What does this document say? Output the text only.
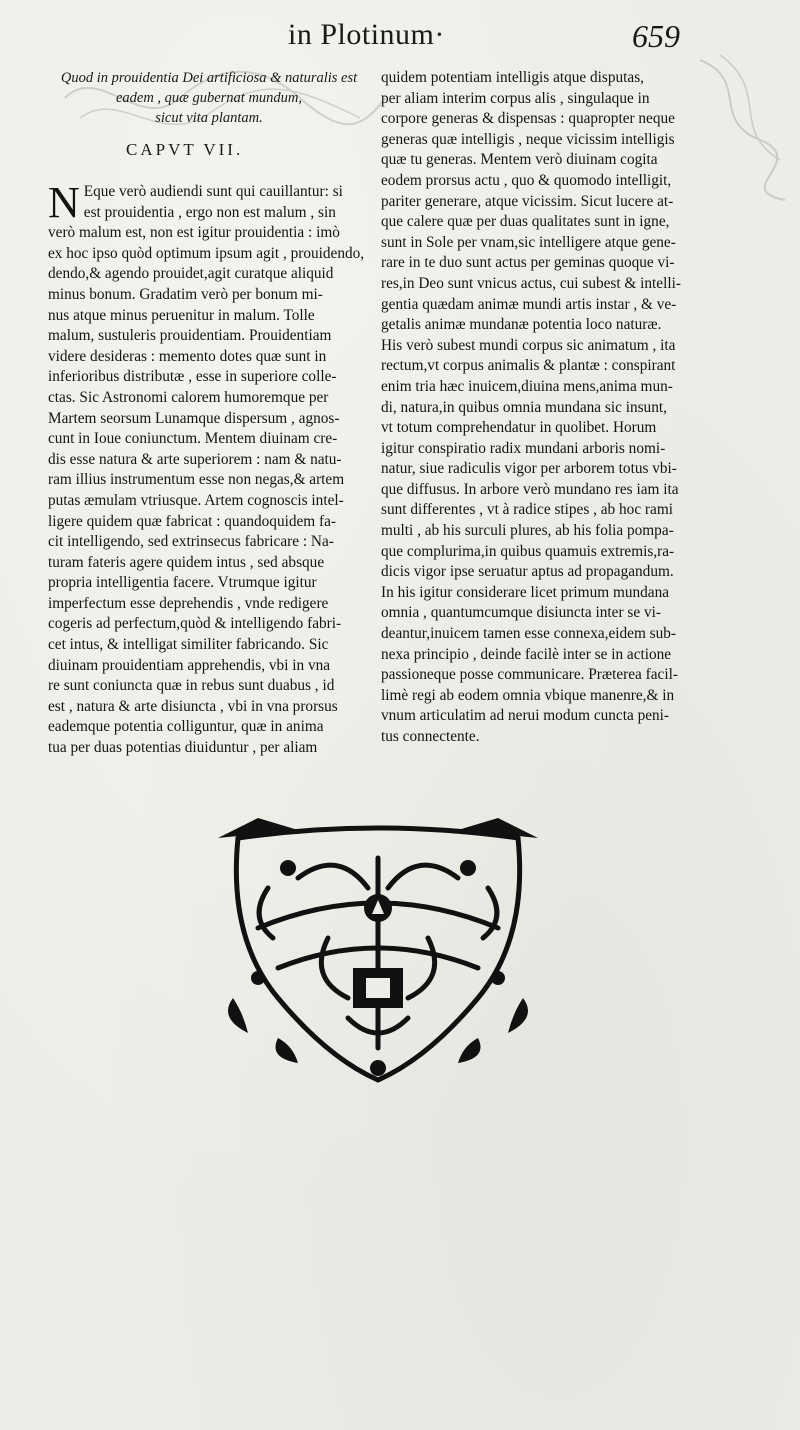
in Plotinum·	659
Quod in prouidentia Dei artificiosa & naturalis est
eadem , quæ gubernat mundum,
sicut vita plantam.
CAPVT VII.
N Eque verò audiendi sunt qui cauillantur: si
est prouidentia , ergo non est malum , sin
verò malum est, non est igitur prouidentia : imò
ex hoc ipso quòd optimum ipsum agit , prouidendo,
dendo,& agendo prouidet,agit curatque aliquid
minus bonum. Gradatim verò per bonum mi-
nus atque minus peruenitur in malum. Tolle
malum, sustuleris prouidentiam. Prouidentiam
videre desideras : memento dotes quæ sunt in
inferioribus distributæ , esse in superiore colle-
ctas. Sic Astronomi calorem humoremque per
Martem seorsum Lunamque dispersum , agnos-
cunt in Ioue coniunctum. Mentem diuinam cre-
dis esse natura & arte superiorem : nam & natu-
ram illius instrumentum esse non negas,& artem
putas æmulam vtriusque. Artem cognoscis intel-
ligere quidem quæ fabricat : quandoquidem fa-
cit intelligendo, sed extrinsecus fabricare : Na-
turam fateris agere quidem intus , sed absque
propria intelligentia facere. Vtrumque igitur
imperfectum esse deprehendis , vnde redigere
cogeris ad perfectum,quòd & intelligendo fabri-
cet intus, & intelligat similiter fabricando. Sic
diuinam prouidentiam apprehendis, vbi in vna
re sunt coniuncta quæ in rebus sunt duabus , id
est , natura & arte disiuncta , vbi in vna prorsus
eademque potentia colliguntur, quæ in anima
tua per duas potentias diuiduntur , per aliam
quidem potentiam intelligis atque disputas,
per aliam interim corpus alis , singulaque in
corpore generas & dispensas : quapropter neque
generas quæ intelligis , neque vicissim intelligis
quæ tu generas. Mentem verò diuinam cogita
eodem prorsus actu , quo & quomodo intelligit,
pariter generare, atque vicissim. Sicut lucere at-
que calere quæ per duas qualitates sunt in igne,
sunt in Sole per vnam,sic intelligere atque gene-
rare in te duo sunt actus per geminas quoque vi-
res,in Deo sunt vnicus actus, cui subest & intelli-
gentia quædam animæ mundi artis instar , & ve-
getalis animæ mundanæ potentia loco naturæ.
His verò subest mundi corpus sic animatum , ita
rectum,vt corpus animalis & plantæ : conspirant
enim tria hæc inuicem,diuina mens,anima mun-
di, natura,in quibus omnia mundana sic insunt,
vt totum comprehendatur in quolibet. Horum
igitur conspiratio radix mundani arboris nomi-
natur, siue radiculis vigor per arborem totus vbi-
que diffusus. In arbore verò mundano res iam ita
sunt differentes , vt à radice stipes , ab hoc rami
multi , ab his surculi plures, ab his folia pompa-
que complurima,in quibus quamuis extremis,ra-
dicis vigor ipse seruatur aptus ad propagandum.
In his igitur considerare licet primum mundana
omnia , quantumcumque disiuncta inter se vi-
deantur,inuicem tamen esse connexa,eidem sub-
nexa principio , deinde facilè inter se in actione
passioneque posse communicare. Præterea facil-
limè regi ab eodem omnia vbique manenre,& in
vnum articulatim ad nerui modum cuncta peni-
tus connectente.
